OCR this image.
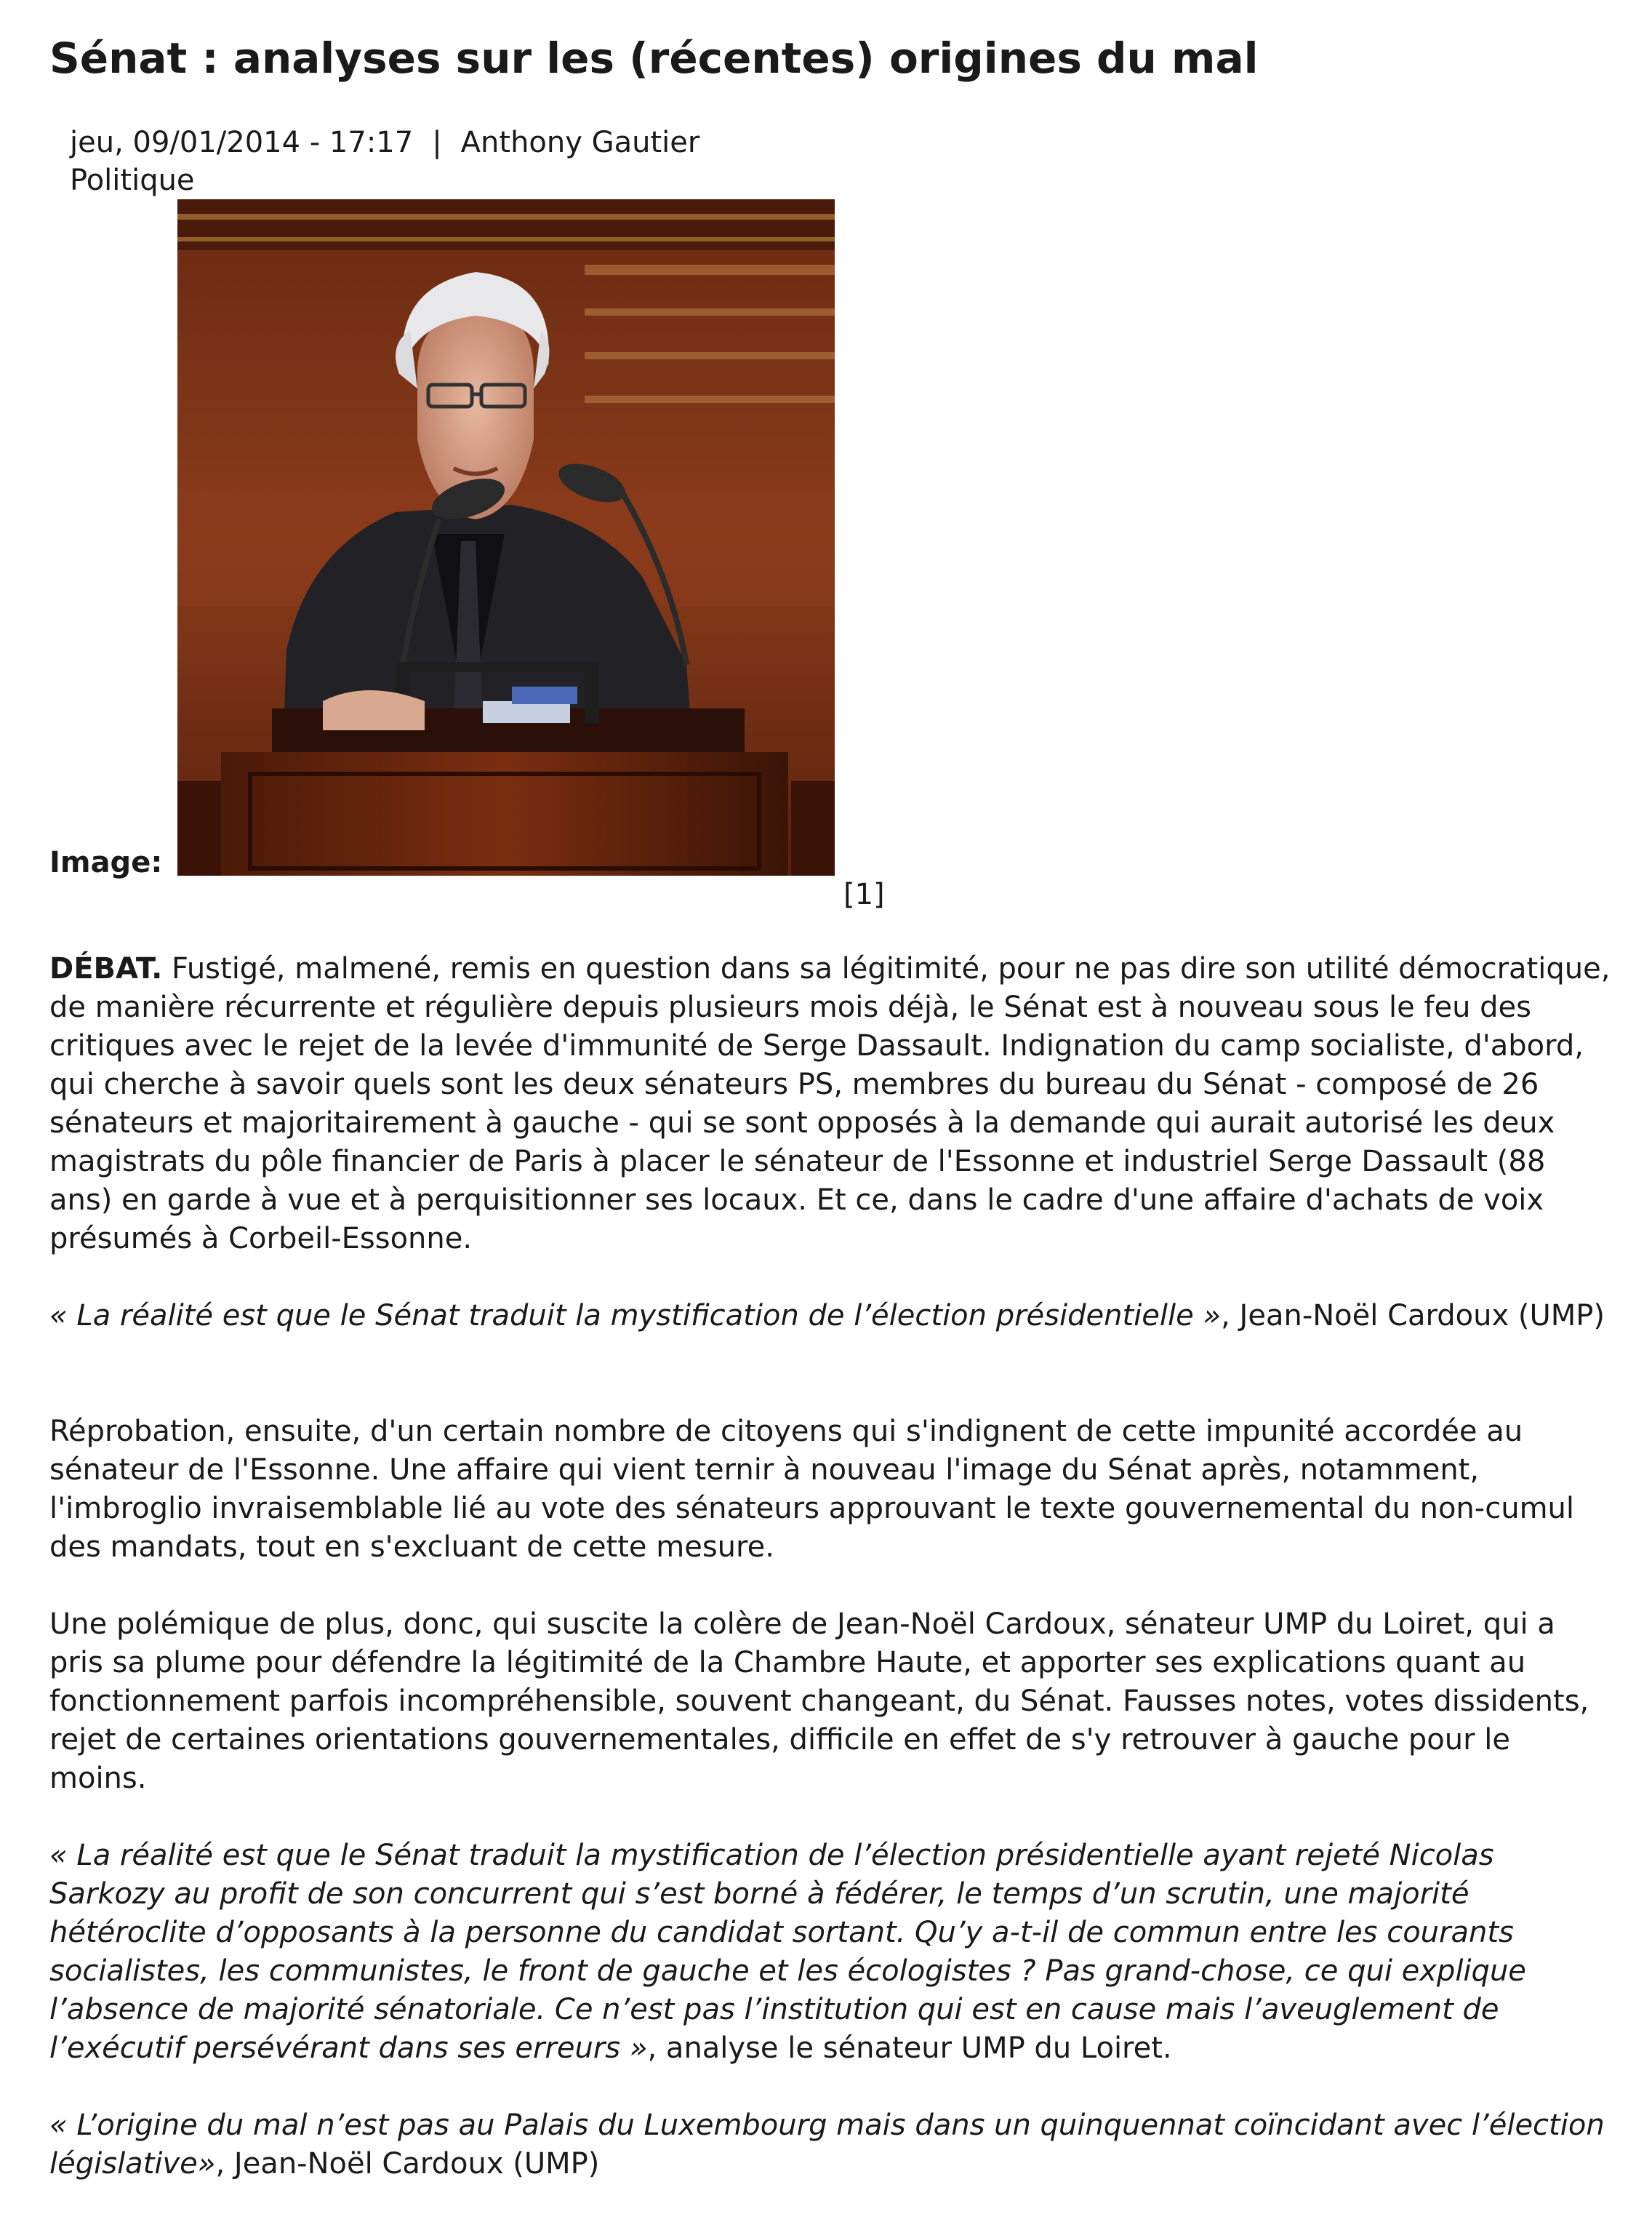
Sénat : analyses sur les (récentes) origines du mal
jeu, 09/01/2014 - 17:17 | Anthony Gautier
Politique
Image:
[1]

DÉBAT. Fustigé, malmené, remis en question dans sa légitimité, pour ne pas dire son utilité démocratique, de manière récurrente et régulière depuis plusieurs mois déjà, le Sénat est à nouveau sous le feu des critiques avec le rejet de la levée d'immunité de Serge Dassault. Indignation du camp socialiste, d'abord, qui cherche à savoir quels sont les deux sénateurs PS, membres du bureau du Sénat - composé de 26 sénateurs et majoritairement à gauche - qui se sont opposés à la demande qui aurait autorisé les deux magistrats du pôle financier de Paris à placer le sénateur de l'Essonne et industriel Serge Dassault (88 ans) en garde à vue et à perquisitionner ses locaux. Et ce, dans le cadre d'une affaire d'achats de voix présumés à Corbeil-Essonne.

« La réalité est que le Sénat traduit la mystification de l’élection présidentielle », Jean-Noël Cardoux (UMP)

Réprobation, ensuite, d'un certain nombre de citoyens qui s'indignent de cette impunité accordée au sénateur de l'Essonne. Une affaire qui vient ternir à nouveau l'image du Sénat après, notamment, l'imbroglio invraisemblable lié au vote des sénateurs approuvant le texte gouvernemental du non-cumul des mandats, tout en s'excluant de cette mesure.

Une polémique de plus, donc, qui suscite la colère de Jean-Noël Cardoux, sénateur UMP du Loiret, qui a pris sa plume pour défendre la légitimité de la Chambre Haute, et apporter ses explications quant au fonctionnement parfois incompréhensible, souvent changeant, du Sénat. Fausses notes, votes dissidents, rejet de certaines orientations gouvernementales, difficile en effet de s'y retrouver à gauche pour le moins.

« La réalité est que le Sénat traduit la mystification de l’élection présidentielle ayant rejeté Nicolas Sarkozy au profit de son concurrent qui s’est borné à fédérer, le temps d’un scrutin, une majorité hétéroclite d’opposants à la personne du candidat sortant. Qu’y a-t-il de commun entre les courants socialistes, les communistes, le front de gauche et les écologistes ? Pas grand-chose, ce qui explique l’absence de majorité sénatoriale. Ce n’est pas l’institution qui est en cause mais l’aveuglement de l’exécutif persévérant dans ses erreurs », analyse le sénateur UMP du Loiret.

« L’origine du mal n’est pas au Palais du Luxembourg mais dans un quinquennat coïncidant avec l’élection législative», Jean-Noël Cardoux (UMP)
